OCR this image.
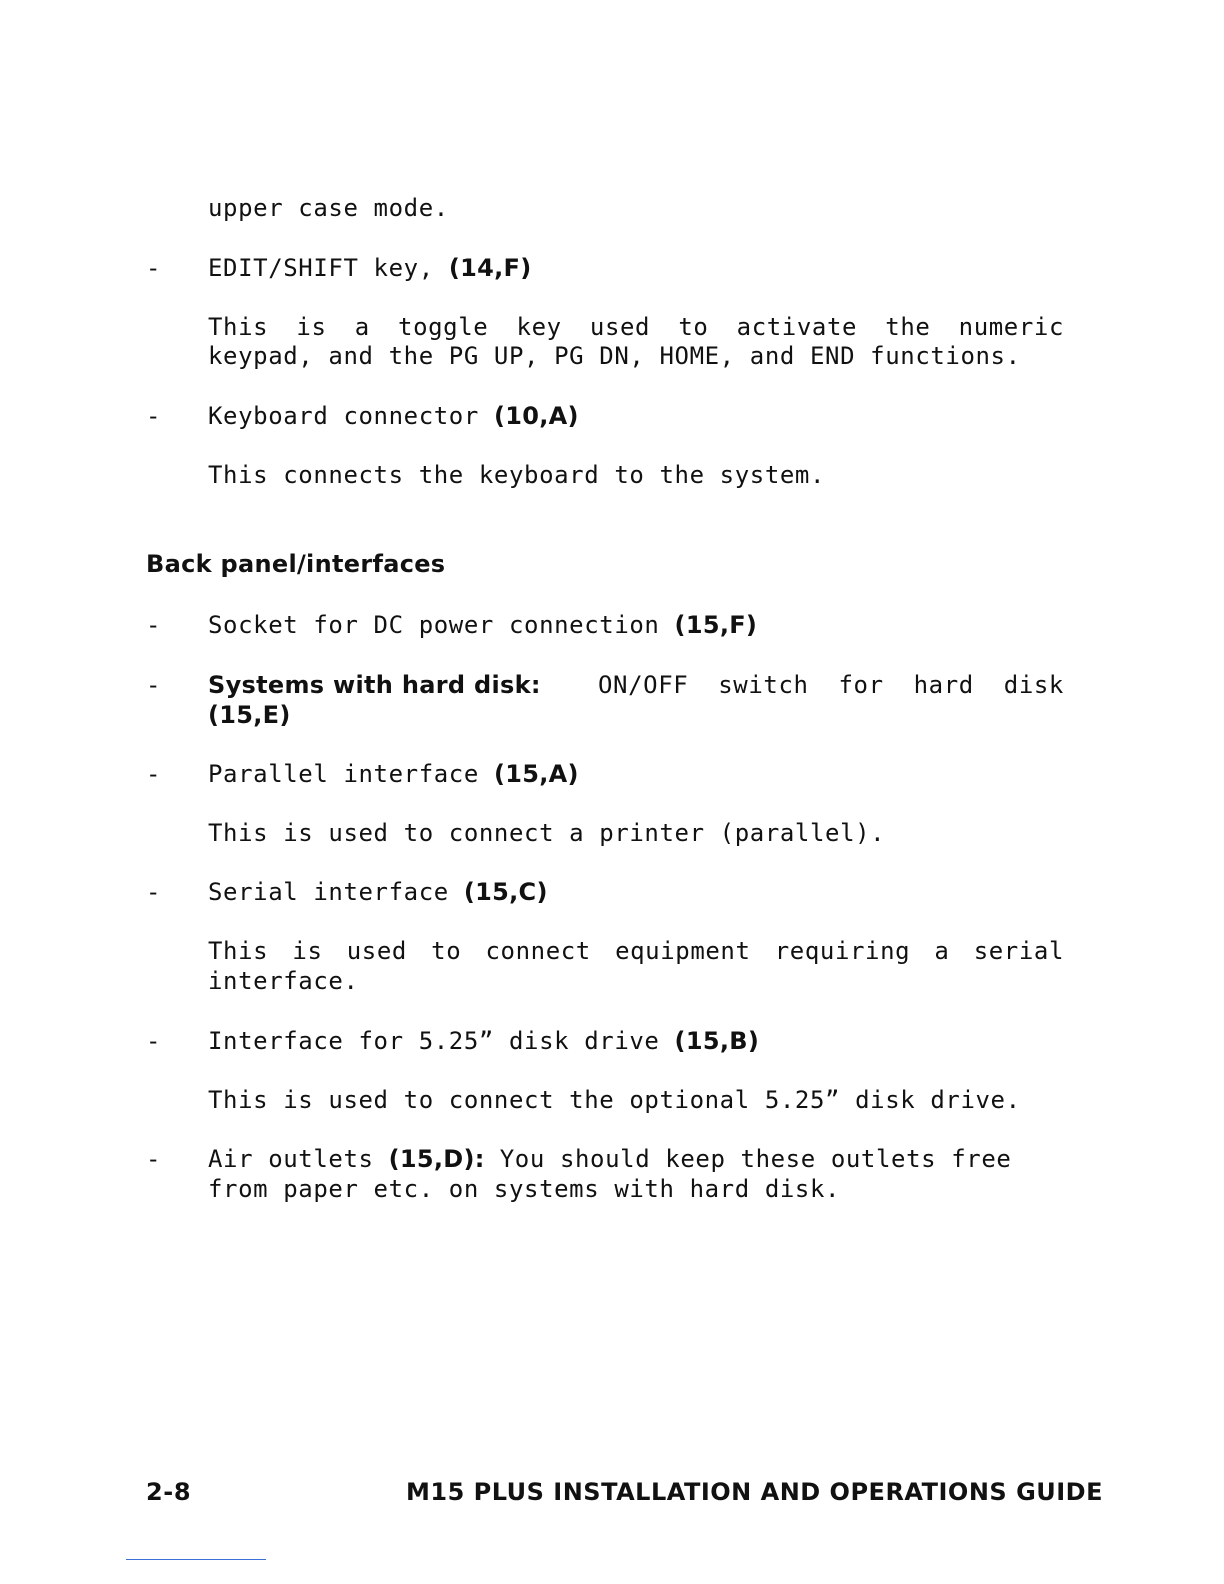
upper case mode.
-	EDIT/SHIFT key, (14,F)
This is a toggle key used to activate the numeric
keypad, and the PG UP, PG DN, HOME, and END functions.
-	Keyboard connector (10,A)
This connects the keyboard to the system.
Back panel/interfaces
-	Socket for DC power connection (15,F)
-	Systems with hard disk: ON/OFF switch for hard disk
(15,E)
-	Parallel interface (15,A)
This is used to connect a printer (parallel).
-	Serial interface (15,C)
This is used to connect equipment requiring a serial
interface.
-	Interface for 5.25” disk drive (15,B)
This is used to connect the optional 5.25” disk drive.
-	Air outlets (15,D): You should keep these outlets free
from paper etc. on systems with hard disk.
2-8	M15 PLUS INSTALLATION AND OPERATIONS GUIDE
